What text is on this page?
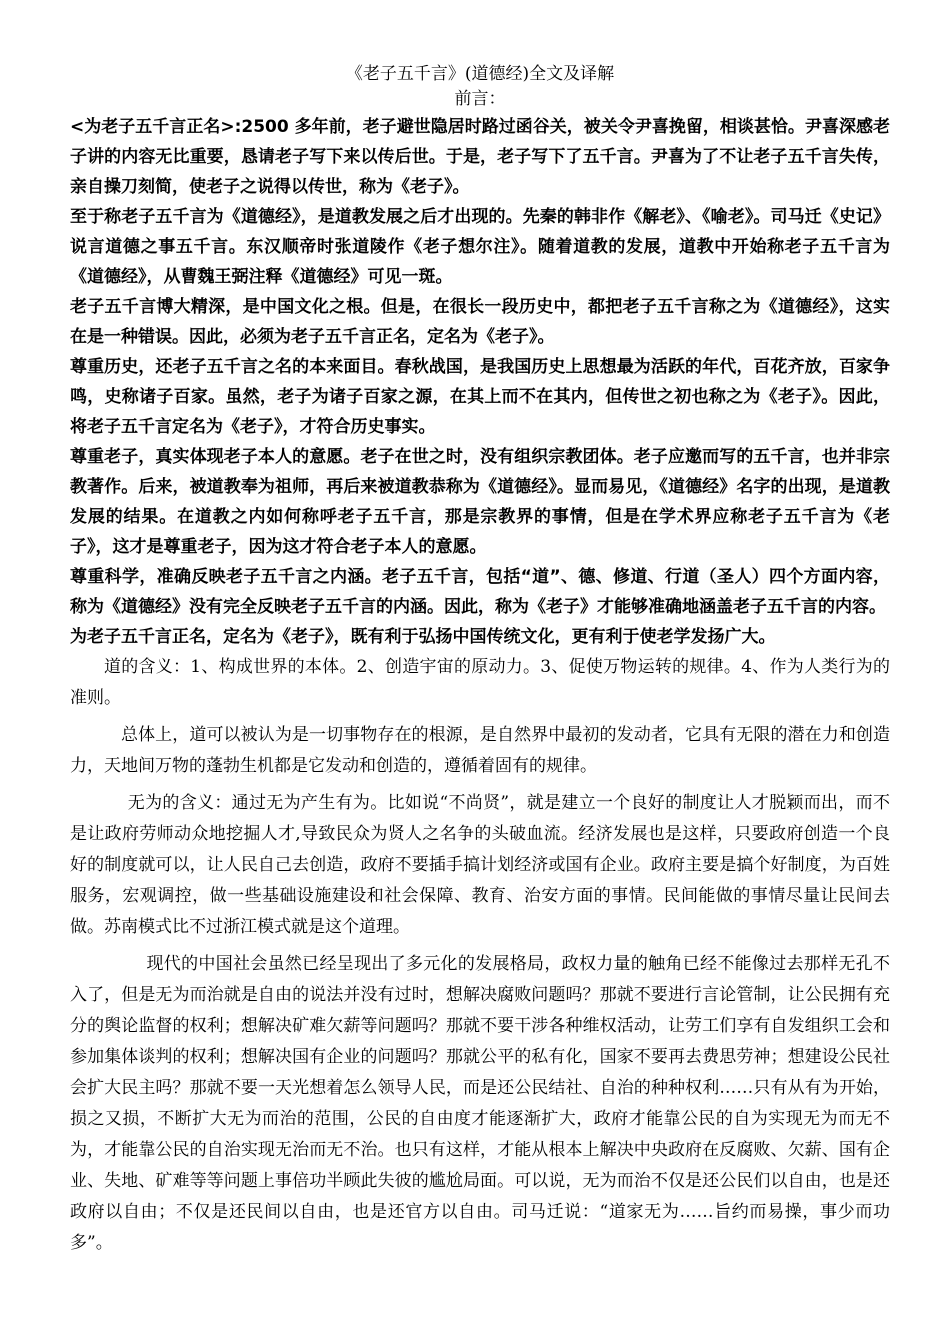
《老子五千言》(道德经)全文及译解

前言：

<为老子五千言正名>:2500 多年前，老子避世隐居时路过函谷关，被关令尹喜挽留，相谈甚恰。尹喜深感老子讲的内容无比重要，恳请老子写下来以传后世。于是，老子写下了五千言。尹喜为了不让老子五千言失传，亲自操刀刻简，使老子之说得以传世，称为《老子》。

至于称老子五千言为《道德经》，是道教发展之后才出现的。先秦的韩非作《解老》、《喻老》。司马迁《史记》说言道德之事五千言。东汉顺帝时张道陵作《老子想尔注》。随着道教的发展，道教中开始称老子五千言为《道德经》，从曹魏王弼注释《道德经》可见一斑。

老子五千言博大精深，是中国文化之根。但是，在很长一段历史中，都把老子五千言称之为《道德经》，这实在是一种错误。因此，必须为老子五千言正名，定名为《老子》。

尊重历史，还老子五千言之名的本来面目。春秋战国，是我国历史上思想最为活跃的年代，百花齐放，百家争鸣，史称诸子百家。虽然，老子为诸子百家之源，在其上而不在其内，但传世之初也称之为《老子》。因此，将老子五千言定名为《老子》，才符合历史事实。

尊重老子，真实体现老子本人的意愿。老子在世之时，没有组织宗教团体。老子应邀而写的五千言，也并非宗教著作。后来，被道教奉为祖师，再后来被道教恭称为《道德经》。显而易见，《道德经》名字的出现，是道教发展的结果。在道教之内如何称呼老子五千言，那是宗教界的事情，但是在学术界应称老子五千言为《老子》，这才是尊重老子，因为这才符合老子本人的意愿。

尊重科学，准确反映老子五千言之内涵。老子五千言，包括“道”、德、修道、行道（圣人）四个方面内容，称为《道德经》没有完全反映老子五千言的内涵。因此，称为《老子》才能够准确地涵盖老子五千言的内容。

为老子五千言正名，定名为《老子》，既有利于弘扬中国传统文化，更有利于使老学发扬广大。

道的含义：1、构成世界的本体。2、创造宇宙的原动力。3、促使万物运转的规律。4、作为人类行为的准则。

总体上，道可以被认为是一切事物存在的根源，是自然界中最初的发动者，它具有无限的潜在力和创造力，天地间万物的蓬勃生机都是它发动和创造的，遵循着固有的规律。

无为的含义：通过无为产生有为。比如说“不尚贤”，就是建立一个良好的制度让人才脱颖而出，而不是让政府劳师动众地挖掘人才,导致民众为贤人之名争的头破血流。经济发展也是这样，只要政府创造一个良好的制度就可以，让人民自己去创造，政府不要插手搞计划经济或国有企业。政府主要是搞个好制度，为百姓服务，宏观调控，做一些基础设施建设和社会保障、教育、治安方面的事情。民间能做的事情尽量让民间去做。苏南模式比不过浙江模式就是这个道理。

现代的中国社会虽然已经呈现出了多元化的发展格局，政权力量的触角已经不能像过去那样无孔不入了，但是无为而治就是自由的说法并没有过时，想解决腐败问题吗？那就不要进行言论管制，让公民拥有充分的舆论监督的权利；想解决矿难欠薪等问题吗？那就不要干涉各种维权活动，让劳工们享有自发组织工会和参加集体谈判的权利；想解决国有企业的问题吗？那就公平的私有化，国家不要再去费思劳神；想建设公民社会扩大民主吗？那就不要一天光想着怎么领导人民，而是还公民结社、自治的种种权利……只有从有为开始，损之又损，不断扩大无为而治的范围，公民的自由度才能逐渐扩大，政府才能靠公民的自为实现无为而无不为，才能靠公民的自治实现无治而无不治。也只有这样，才能从根本上解决中央政府在反腐败、欠薪、国有企业、失地、矿难等等问题上事倍功半顾此失彼的尴尬局面。可以说，无为而治不仅是还公民们以自由，也是还政府以自由；不仅是还民间以自由，也是还官方以自由。司马迁说：“道家无为……旨约而易操，事少而功多”。
